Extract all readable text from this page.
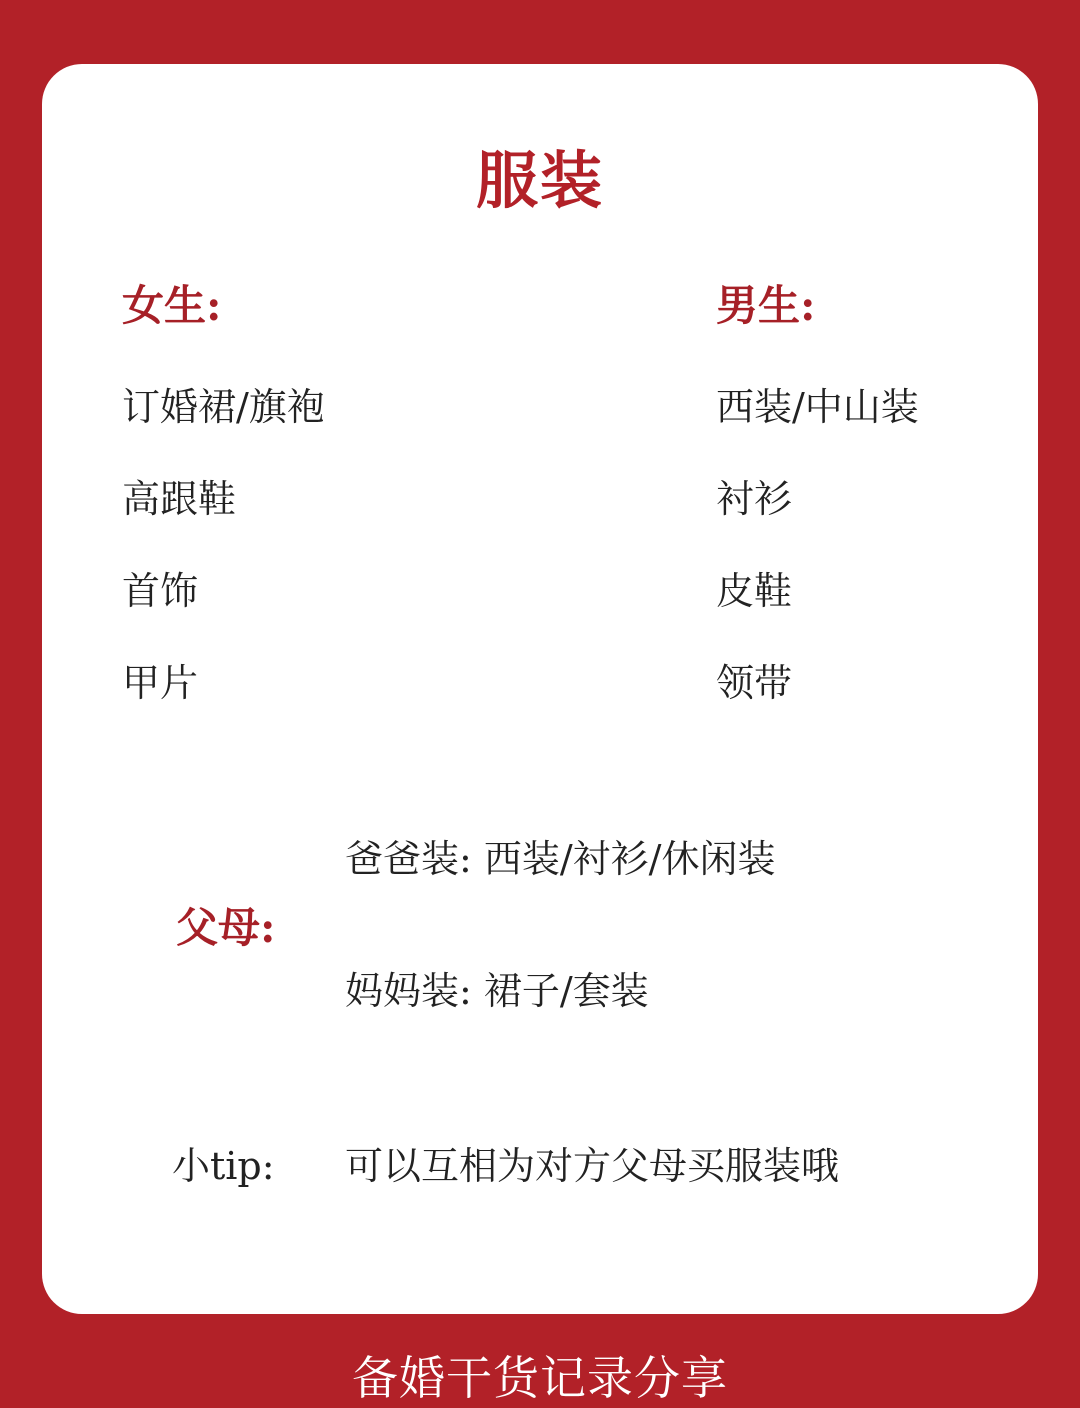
服装
女生:
订婚裙/旗袍
高跟鞋
首饰
甲片
男生:
西装/中山装
衬衫
皮鞋
领带
父母:
爸爸装: 西装/衬衫/休闲装
妈妈装: 裙子/套装
小tip: 可以互相为对方父母买服装哦
备婚干货记录分享
